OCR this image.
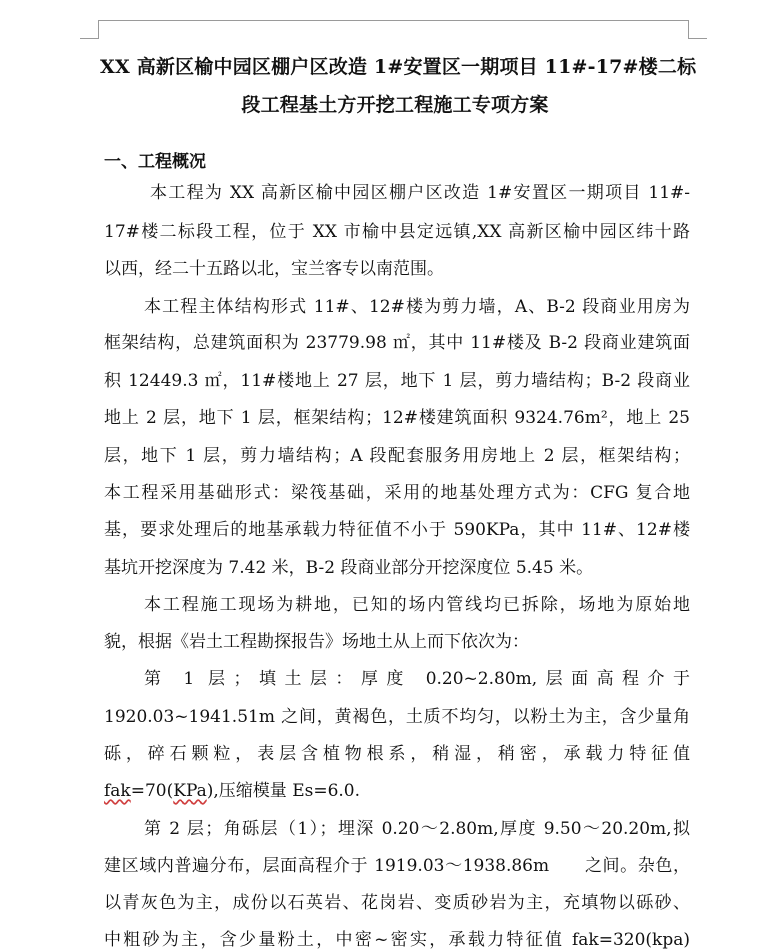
XX 高新区榆中园区棚户区改造 1#安置区一期项目 11#-17#楼二标
段工程基土方开挖工程施工专项方案
一、工程概况
本工程为 XX 高新区榆中园区棚户区改造 1#安置区一期项目 11#-
17#楼二标段工程，位于 XX 市榆中县定远镇,XX 高新区榆中园区纬十路
以西，经二十五路以北，宝兰客专以南范围。
本工程主体结构形式 11#、12#楼为剪力墙，A、B-2 段商业用房为
框架结构，总建筑面积为 23779.98 ㎡，其中 11#楼及 B-2 段商业建筑面
积 12449.3 ㎡，11#楼地上 27 层，地下 1 层，剪力墙结构；B-2 段商业
地上 2 层，地下 1 层，框架结构；12#楼建筑面积 9324.76m²，地上 25
层，地下 1 层，剪力墙结构；A 段配套服务用房地上 2 层，框架结构；
本工程采用基础形式：梁筏基础，采用的地基处理方式为：CFG 复合地
基，要求处理后的地基承载力特征值不小于 590KPa，其中 11#、12#楼
基坑开挖深度为 7.42 米，B-2 段商业部分开挖深度位 5.45 米。
本工程施工现场为耕地，已知的场内管线均已拆除，场地为原始地
貌，根据《岩土工程勘探报告》场地土从上而下依次为：
第 1 层；填土层：厚度 0.20~2.80m,层面高程介于
1920.03~1941.51m 之间，黄褐色，土质不均匀，以粉土为主，含少量角
砾，碎石颗粒，表层含植物根系，稍湿，稍密，承载力特征值
fak=70(KPa),压缩模量 Es=6.0.
第 2 层；角砾层（1）；埋深 0.20～2.80m,厚度 9.50～20.20m,拟
建区域内普遍分布，层面高程介于 1919.03～1938.86m　　之间。杂色，
以青灰色为主，成份以石英岩、花岗岩、变质砂岩为主，充填物以砾砂、
中粗砂为主，含少量粉土，中密~密实，承载力特征值 fak=320(kpa)
